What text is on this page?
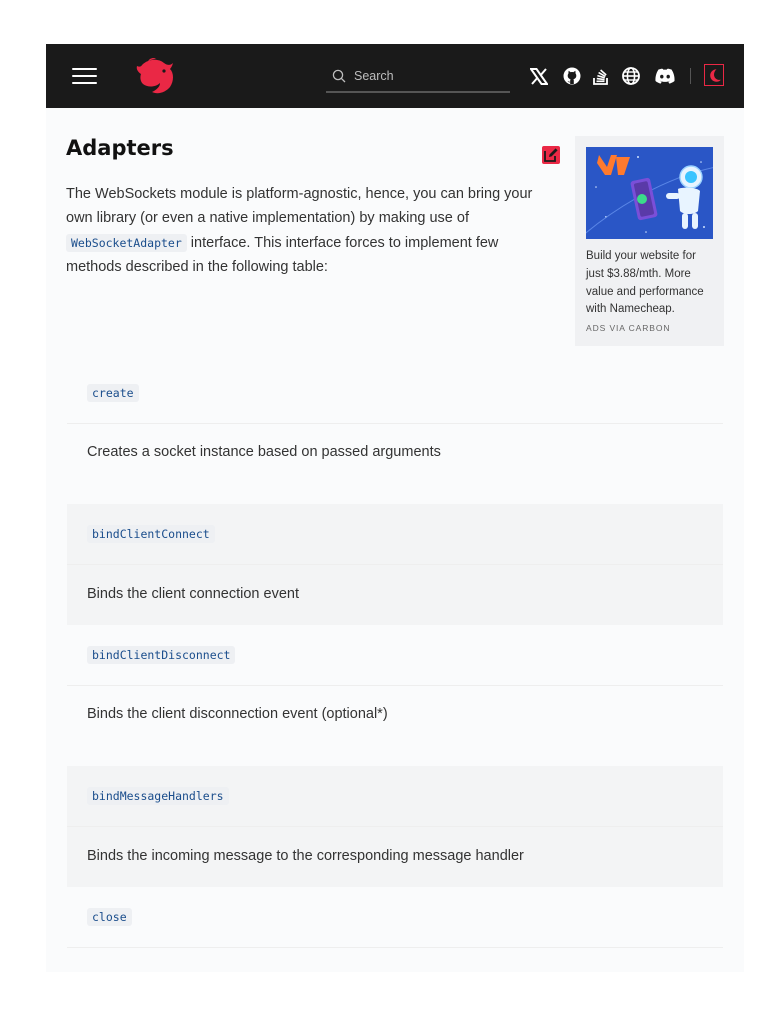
Search
Adapters

The WebSockets module is platform-agnostic, hence, you can bring your own library (or even a native implementation) by making use of WebSocketAdapter interface. This interface forces to implement few methods described in the following table:

Build your website for just $3.88/mth. More value and performance with Namecheap.

ADS VIA CARBON
create
Creates a socket instance based on passed arguments
bindClientConnect
Binds the client connection event
bindClientDisconnect
Binds the client disconnection event (optional*)
bindMessageHandlers
Binds the incoming message to the corresponding message handler
close
